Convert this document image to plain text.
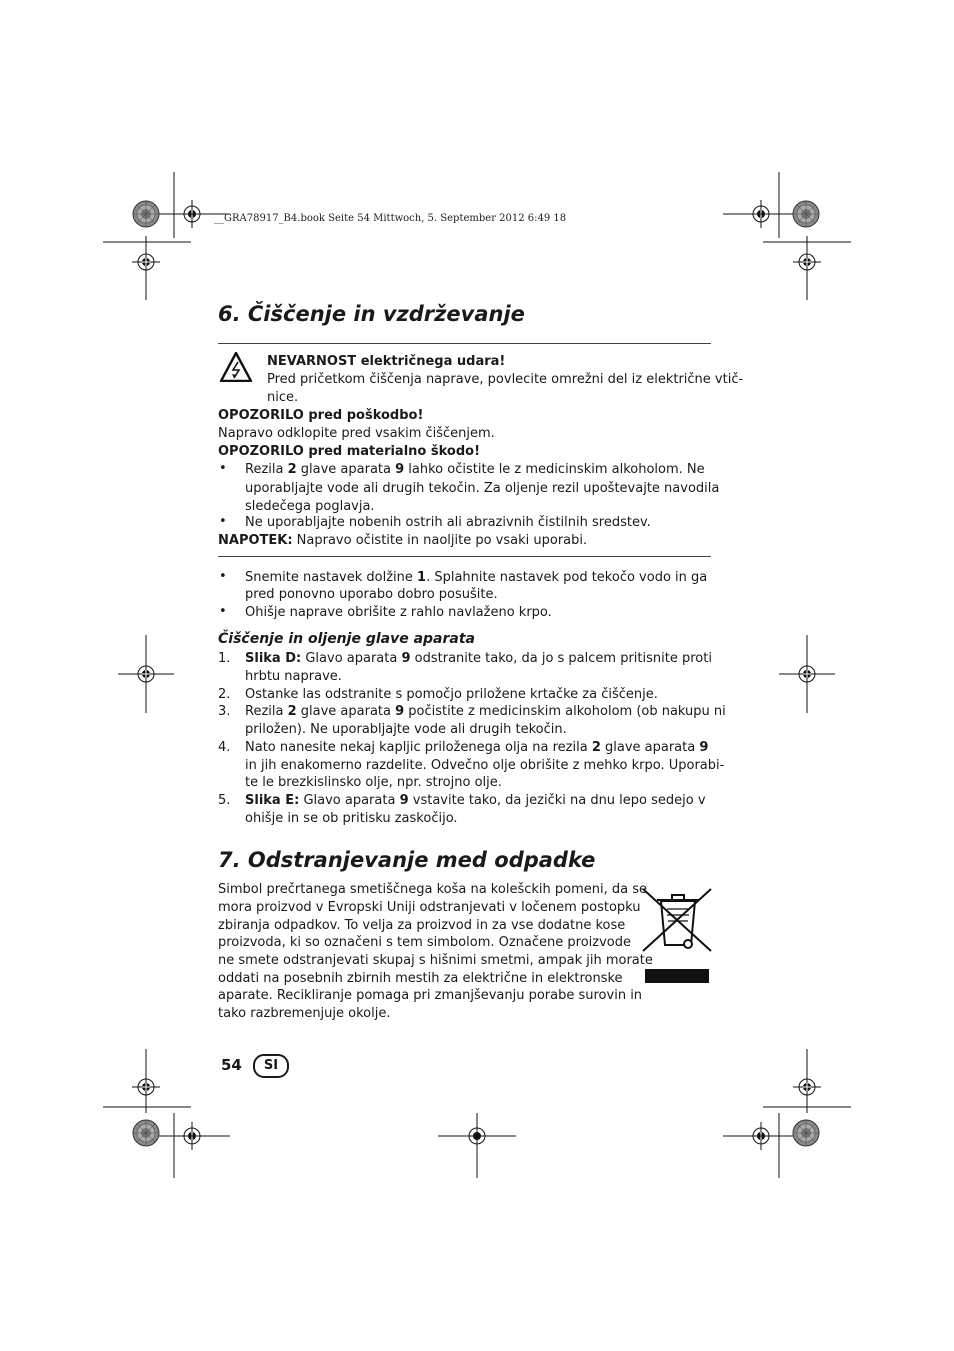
__GRA78917_B4.book Seite 54 Mittwoch, 5. September 2012 6:49 18
6. Čiščenje in vzdrževanje
NEVARNOST električnega udara!
Pred pričetkom čiščenja naprave, povlecite omrežni del iz električne vtič-
nice.
OPOZORILO pred poškodbo!
Napravo odklopite pred vsakim čiščenjem.
OPOZORILO pred materialno škodo!
• Rezila 2 glave aparata 9 lahko očistite le z medicinskim alkoholom. Ne
uporabljajte vode ali drugih tekočin. Za oljenje rezil upoštevajte navodila
sledečega poglavja.
• Ne uporabljajte nobenih ostrih ali abrazivnih čistilnih sredstev.
NAPOTEK: Napravo očistite in naoljite po vsaki uporabi.
• Snemite nastavek dolžine 1. Splahnite nastavek pod tekočo vodo in ga
pred ponovno uporabo dobro posušite.
• Ohišje naprave obrišite z rahlo navlaženo krpo.
Čiščenje in oljenje glave aparata
1. Slika D: Glavo aparata 9 odstranite tako, da jo s palcem pritisnite proti
hrbtu naprave.
2. Ostanke las odstranite s pomočjo priložene krtačke za čiščenje.
3. Rezila 2 glave aparata 9 počistite z medicinskim alkoholom (ob nakupu ni
priložen). Ne uporabljajte vode ali drugih tekočin.
4. Nato nanesite nekaj kapljic priloženega olja na rezila 2 glave aparata 9
in jih enakomerno razdelite. Odvečno olje obrišite z mehko krpo. Uporabi-
te le brezkislinsko olje, npr. strojno olje.
5. Slika E: Glavo aparata 9 vstavite tako, da jezički na dnu lepo sedejo v
ohišje in se ob pritisku zaskočijo.
7. Odstranjevanje med odpadke
Simbol prečrtanega smetiščnega koša na kolešckih pomeni, da se
mora proizvod v Evropski Uniji odstranjevati v ločenem postopku
zbiranja odpadkov. To velja za proizvod in za vse dodatne kose
proizvoda, ki so označeni s tem simbolom. Označene proizvode
ne smete odstranjevati skupaj s hišnimi smetmi, ampak jih morate
oddati na posebnih zbirnih mestih za električne in elektronske
aparate. Recikliranje pomaga pri zmanjševanju porabe surovin in
tako razbremenjuje okolje.
54	SI
